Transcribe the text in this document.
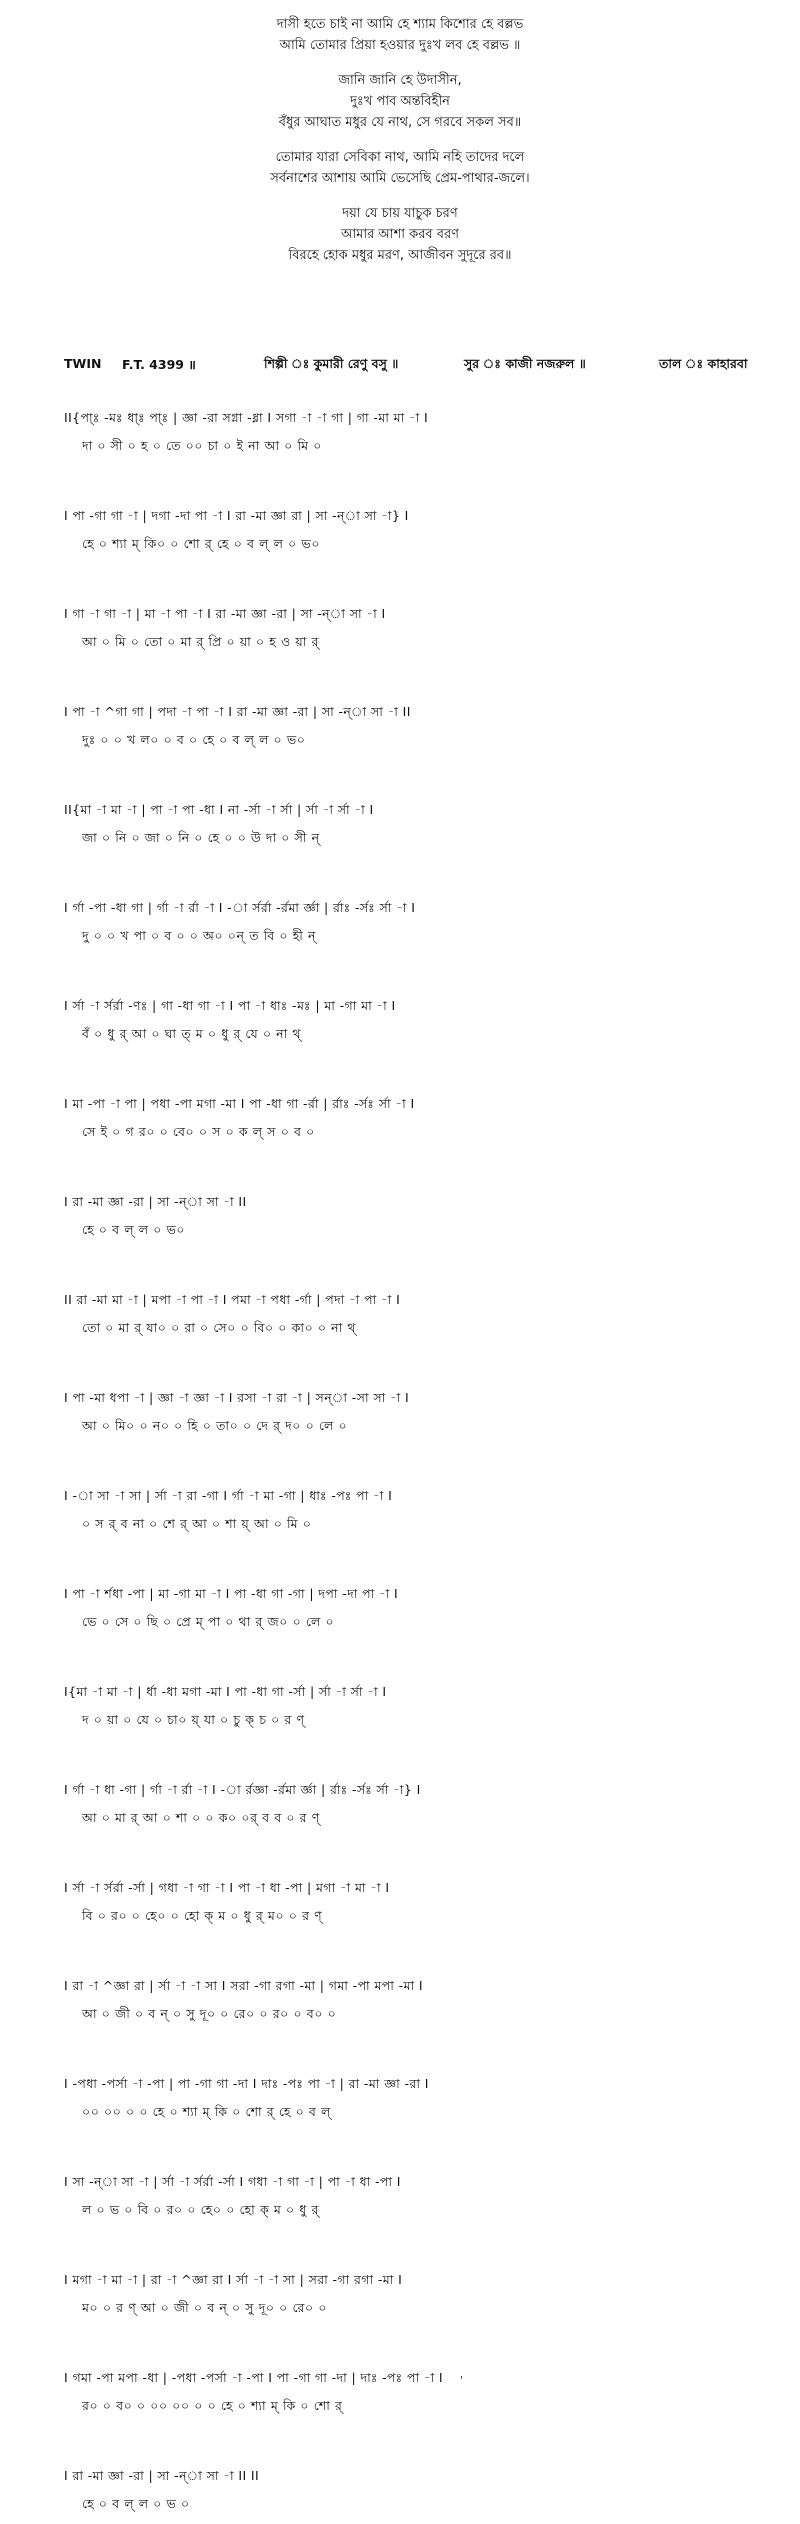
দাসী হতে চাই না আমি হে শ্যাম কিশোর হে বল্লভ
আমি তোমার প্রিয়া হওয়ার দুঃখ লব হে বল্লভ ॥
জানি জানি হে উদাসীন,
দুঃখ পাব অন্তবিহীন
বঁধুর আঘাত মধুর যে নাথ, সে গরবে সকল সব॥
তোমার যারা সেবিকা নাথ, আমি নহি তাদের দলে
সর্বনাশের আশায় আমি ভেসেছি প্রেম-পাথার-জলে।
দয়া যে চায় যাচুক চরণ
আমার আশা করব বরণ
বিরহে হোক মধুর মরণ, আজীবন সুদূরে রব॥
TWIN F.T. 4399 ॥	শিল্পী ঃ কুমারী রেণু বসু ॥	সুর ঃ কাজী নজরুল ॥	তাল ঃ কাহারবা
II{পা্ঃ -মঃ ধা্ঃ পা্ঃ | জ্ঞা -রা সগ্না -ধ্না I সগা -া -া গা | গা -মা মা -া I
দা ০ সী ০ হ ০ তে ০০ চা ০ ই না আ ০ মি ০
I পা -গা গা -া | দগা -দা পা -া I রা -মা জ্ঞা রা | সা -ন্া সা -া} I
হে ০ শ্যা ম্ কি০ ০ শো র্ হে ০ ব ল্ ল ০ ভ০
I গা -া গা -া | মা -া পা -া I রা -মা জ্ঞা -রা | সা -ন্া সা -া I
আ ০ মি ০ তো ০ মা র্ প্রি ০ য়া ০ হ ও য়া র্
I পা -া ^গা গা | পদা -া পা -া I রা -মা জ্ঞা -রা | সা -ন্া সা -া II
দুঃ ০ ০ খ ল০ ০ ব ০ হে ০ ব ল্ ল ০ ভ০
II{মা -া মা -া | পা -া পা -ধা I না -র্সা -া র্সা | র্সা -া র্সা -া I
জা ০ নি ০ জা ০ নি ০ হে ০ ০ উ দা ০ সী ন্
I র্গা -পা -ধা গা | র্গা -া র্রা -া I -া র্সর্রা -র্রমা র্জ্ঞা | র্রাঃ -র্সঃ র্সা -া I
দু ০ ০ খ পা ০ ব ০ ০ অ০ ০ন্ ত বি ০ হী ন্
I র্সা -া র্সর্রা -ণঃ | গা -ধা গা -া I পা -া ধাঃ -মঃ | মা -গা মা -া I
বঁ ০ ধু র্ আ ০ ঘা ত্ ম ০ ধু র্ যে ০ না থ্
I মা -পা -া পা | পধা -পা মগা -মা I পা -ধা গা -র্রা | র্রাঃ -র্সঃ র্সা -া I
সে ই ০ গ র০ ০ বে০ ০ স ০ ক ল্ স ০ ব ০
I রা -মা জ্ঞা -রা | সা -ন্া সা -া II
হে ০ ব ল্ ল ০ ভ০
II রা -মা মা -া | মপা -া পা -া I পমা -া পধা -র্গা | পদা -া পা -া I
তো ০ মা র্ যা০ ০ রা ০ সে০ ০ বি০ ০ কা০ ০ না থ্
I পা -মা ধপা -া | জ্ঞা -া জ্ঞা -া I রসা -া রা -া | সন্া -সা সা -া I
আ ০ মি০ ০ ন০ ০ হি ০ তা০ ০ দে র্ দ০ ০ লে ০
I -া সা -া সা | র্সা -া রা -গা I র্গা -া মা -গা | ধাঃ -পঃ পা -া I
০ স র্ ব না ০ শে র্ আ ০ শা য়্ আ ০ মি ০
I পা -া র্শধা -পা | মা -গা মা -া I পা -ধা গা -গা | দপা -দা পা -া I
ভে ০ সে ০ ছি ০ প্রে ম্ পা ০ থা র্ জ০ ০ লে ০
I{মা -া মা -া | র্ধা -ধা মগা -মা I পা -ধা গা -র্সা | র্সা -া র্সা -া I
দ ০ য়া ০ যে ০ চা০ য়্ যা ০ চু ক্ চ ০ র ণ্
I র্গা -া ধা -গা | র্গা -া র্রা -া I -া র্রজ্ঞা -র্রমা র্জ্ঞা | র্রাঃ -র্সঃ র্সা -া} I
আ ০ মা র্ আ ০ শা ০ ০ ক০ ০র্ ব ব ০ র ণ্
I র্সা -া র্সর্রা -র্সা | গধা -া গা -া I পা -া ধা -পা | মগা -া মা -া I
বি ০ র০ ০ হে০ ০ হো ক্ ম ০ ধু র্ ম০ ০ র ণ্
I রা -া ^জ্ঞা রা | র্সা -া -া সা I সরা -গা রগা -মা | গমা -পা মপা -মা I
আ ০ জী ০ ব ন্ ০ সু দূ০ ০ রে০ ০ র০ ০ ব০ ০
I -পধা -পর্সা -া -পা | পা -গা গা -দা I দাঃ -পঃ পা -া | রা -মা জ্ঞা -রা I
০০ ০০ ০ ০ হে ০ শ্যা ম্ কি ০ শো র্ হে ০ ব ল্
I সা -ন্া সা -া | র্সা -া র্সর্রা -র্সা I গধা -া গা -া | পা -া ধা -পা I
ল ০ ভ ০ বি ০ র০ ০ হে০ ০ হো ক্ ম ০ ধু র্
I মগা -া মা -া | রা -া ^জ্ঞা রা I র্সা -া -া সা | সরা -গা রগা -মা I
ম০ ০ র ণ্ আ ০ জী ০ ব ন্ ০ সু দূ০ ০ রে০ ০
I গমা -পা মপা -ধা | -পধা -পর্সা -া -পা I পা -গা গা -দা | দাঃ -পঃ পা -া I
র০ ০ ব০ ০ ০০ ০০ ০ ০ হে ০ শ্যা ম্ কি ০ শো র্
I রা -মা জ্ঞা -রা | সা -ন্া সা -া II II
হে ০ ব ল্ ল ০ ভ ০
'
